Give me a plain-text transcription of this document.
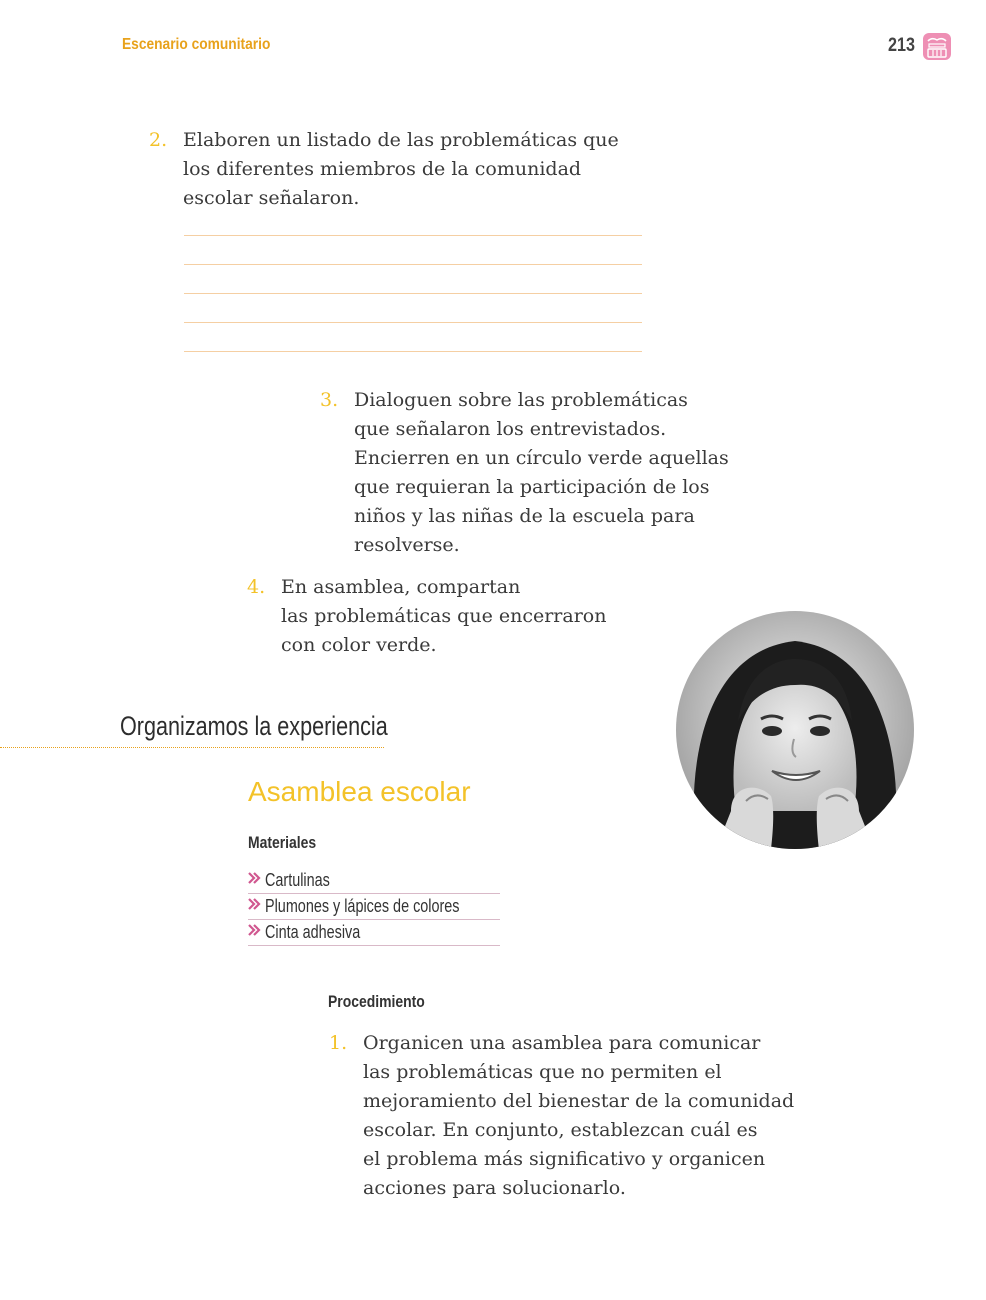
Escenario comunitario	213
2. Elaboren un listado de las problemáticas que
los diferentes miembros de la comunidad
escolar señalaron.
3. Dialoguen sobre las problemáticas
que señalaron los entrevistados.
Encierren en un círculo verde aquellas
que requieran la participación de los
niños y las niñas de la escuela para
resolverse.
4. En asamblea, compartan
las problemáticas que encerraron
con color verde.
Organizamos la experiencia
Asamblea escolar
Materiales
Cartulinas
Plumones y lápices de colores
Cinta adhesiva
Procedimiento
1. Organicen una asamblea para comunicar
las problemáticas que no permiten el
mejoramiento del bienestar de la comunidad
escolar. En conjunto, establezcan cuál es
el problema más significativo y organicen
acciones para solucionarlo.
